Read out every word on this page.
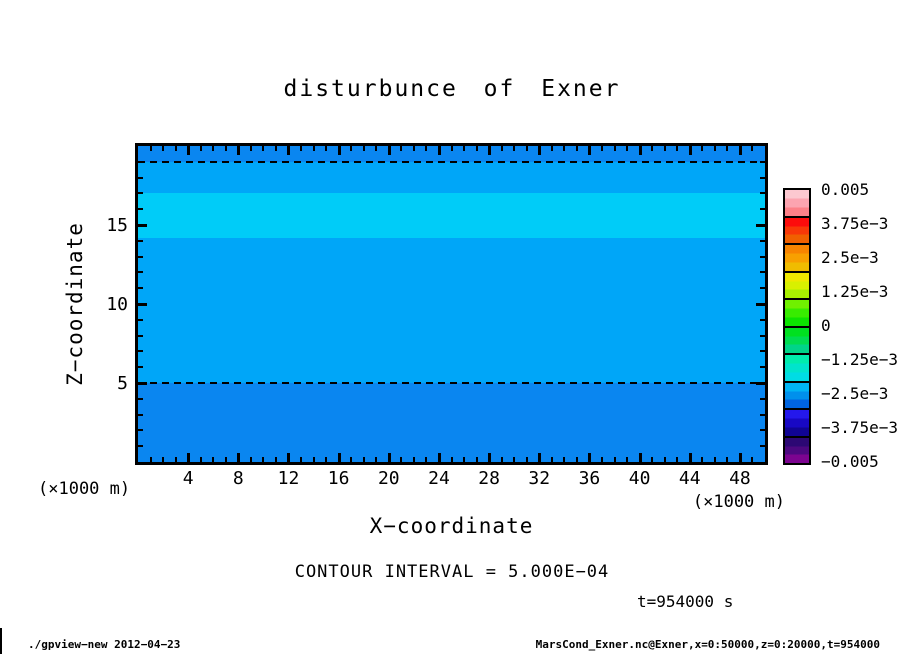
disturbunce of Exner
Z−coordinate
(×1000 m)
(×1000 m)
X−coordinate
CONTOUR INTERVAL = 5.000E−04
t=954000 s
./gpview−new 2012−04−23	MarsCond_Exner.nc@Exner,x=0:50000,z=0:20000,t=954000
4	8	12	16	20	24	28	32	36	40	44	48
15
10
5
0.005
3.75e−3
2.5e−3
1.25e−3
0
−1.25e−3
−2.5e−3
−3.75e−3
−0.005
